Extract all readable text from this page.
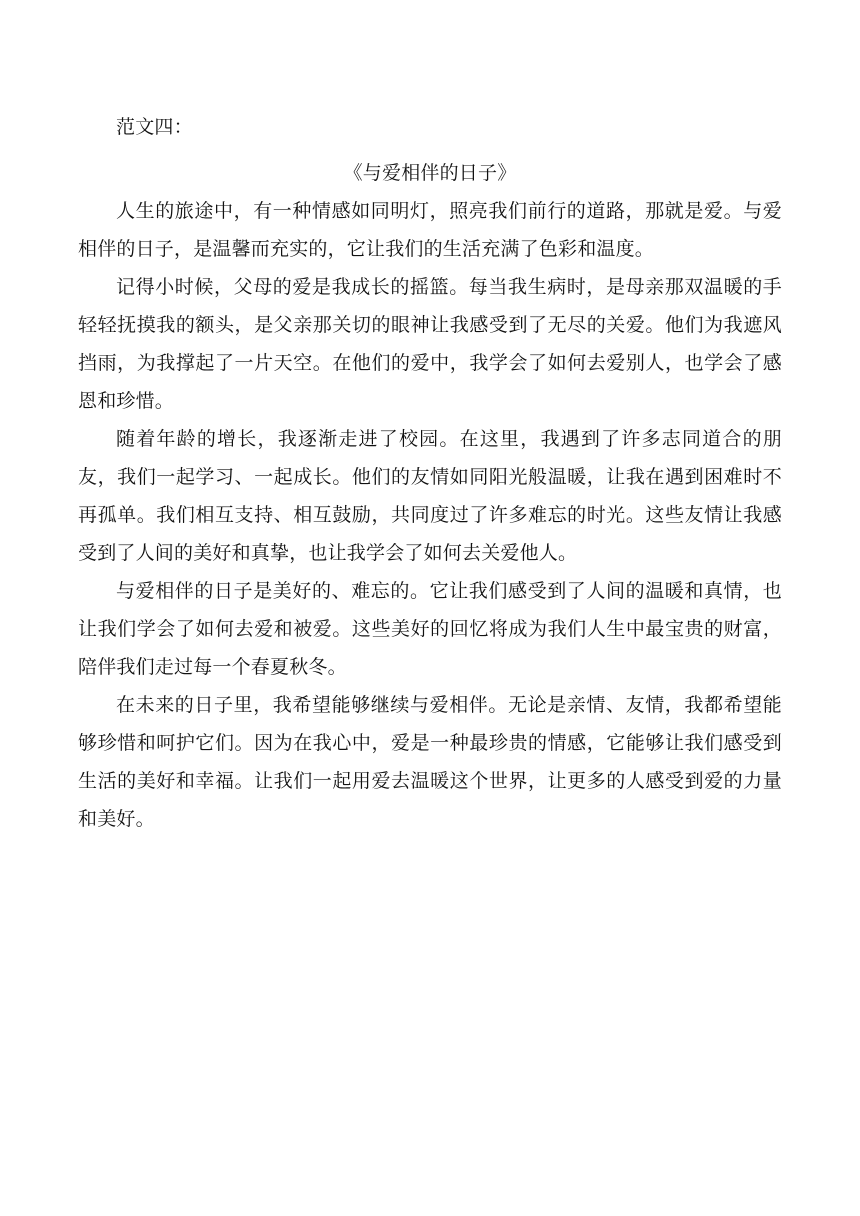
范文四：

《与爱相伴的日子》

人生的旅途中，有一种情感如同明灯，照亮我们前行的道路，那就是爱。与爱相伴的日子，是温馨而充实的，它让我们的生活充满了色彩和温度。

记得小时候，父母的爱是我成长的摇篮。每当我生病时，是母亲那双温暖的手轻轻抚摸我的额头，是父亲那关切的眼神让我感受到了无尽的关爱。他们为我遮风挡雨，为我撑起了一片天空。在他们的爱中，我学会了如何去爱别人，也学会了感恩和珍惜。

随着年龄的增长，我逐渐走进了校园。在这里，我遇到了许多志同道合的朋友，我们一起学习、一起成长。他们的友情如同阳光般温暖，让我在遇到困难时不再孤单。我们相互支持、相互鼓励，共同度过了许多难忘的时光。这些友情让我感受到了人间的美好和真挚，也让我学会了如何去关爱他人。

与爱相伴的日子是美好的、难忘的。它让我们感受到了人间的温暖和真情，也让我们学会了如何去爱和被爱。这些美好的回忆将成为我们人生中最宝贵的财富，陪伴我们走过每一个春夏秋冬。

在未来的日子里，我希望能够继续与爱相伴。无论是亲情、友情，我都希望能够珍惜和呵护它们。因为在我心中，爱是一种最珍贵的情感，它能够让我们感受到生活的美好和幸福。让我们一起用爱去温暖这个世界，让更多的人感受到爱的力量和美好。
